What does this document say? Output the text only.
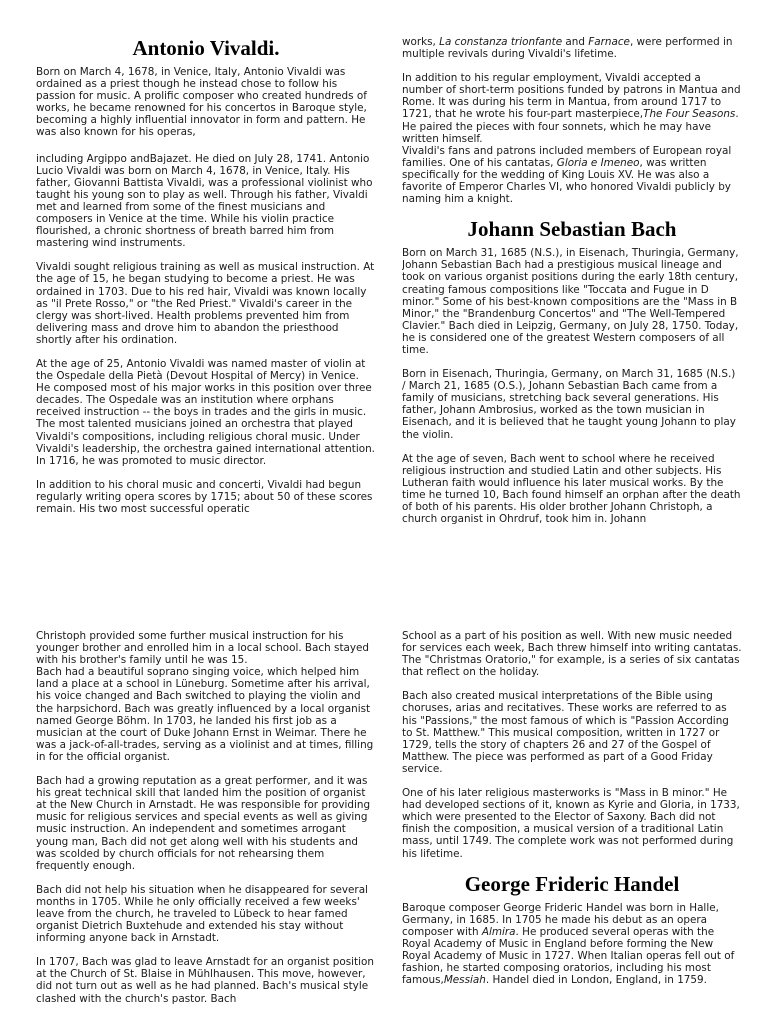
Antonio Vivaldi.

Born on March 4, 1678, in Venice, Italy, Antonio Vivaldi was ordained as a priest though he instead chose to follow his passion for music. A prolific composer who created hundreds of works, he became renowned for his concertos in Baroque style, becoming a highly influential innovator in form and pattern. He was also known for his operas,

including Argippo andBajazet. He died on July 28, 1741. Antonio Lucio Vivaldi was born on March 4, 1678, in Venice, Italy. His father, Giovanni Battista Vivaldi, was a professional violinist who taught his young son to play as well. Through his father, Vivaldi met and learned from some of the finest musicians and composers in Venice at the time. While his violin practice flourished, a chronic shortness of breath barred him from mastering wind instruments.

Vivaldi sought religious training as well as musical instruction. At the age of 15, he began studying to become a priest. He was ordained in 1703. Due to his red hair, Vivaldi was known locally as "il Prete Rosso," or "the Red Priest." Vivaldi's career in the clergy was short-lived. Health problems prevented him from delivering mass and drove him to abandon the priesthood shortly after his ordination.

At the age of 25, Antonio Vivaldi was named master of violin at the Ospedale della Pietà (Devout Hospital of Mercy) in Venice. He composed most of his major works in this position over three decades. The Ospedale was an institution where orphans received instruction -- the boys in trades and the girls in music. The most talented musicians joined an orchestra that played Vivaldi's compositions, including religious choral music. Under Vivaldi's leadership, the orchestra gained international attention. In 1716, he was promoted to music director.

In addition to his choral music and concerti, Vivaldi had begun regularly writing opera scores by 1715; about 50 of these scores remain. His two most successful operatic

works, La constanza trionfante and Farnace, were performed in multiple revivals during Vivaldi's lifetime.

In addition to his regular employment, Vivaldi accepted a number of short-term positions funded by patrons in Mantua and Rome. It was during his term in Mantua, from around 1717 to 1721, that he wrote his four-part masterpiece,The Four Seasons. He paired the pieces with four sonnets, which he may have written himself.

Vivaldi's fans and patrons included members of European royal families. One of his cantatas, Gloria e Imeneo, was written specifically for the wedding of King Louis XV. He was also a favorite of Emperor Charles VI, who honored Vivaldi publicly by naming him a knight.

Johann Sebastian Bach

Born on March 31, 1685 (N.S.), in Eisenach, Thuringia, Germany, Johann Sebastian Bach had a prestigious musical lineage and took on various organist positions during the early 18th century, creating famous compositions like "Toccata and Fugue in D minor." Some of his best-known compositions are the "Mass in B Minor," the "Brandenburg Concertos" and "The Well-Tempered Clavier." Bach died in Leipzig, Germany, on July 28, 1750. Today, he is considered one of the greatest Western composers of all time.

Born in Eisenach, Thuringia, Germany, on March 31, 1685 (N.S.) / March 21, 1685 (O.S.), Johann Sebastian Bach came from a family of musicians, stretching back several generations. His father, Johann Ambrosius, worked as the town musician in Eisenach, and it is believed that he taught young Johann to play the violin.

At the age of seven, Bach went to school where he received religious instruction and studied Latin and other subjects. His Lutheran faith would influence his later musical works. By the time he turned 10, Bach found himself an orphan after the death of both of his parents. His older brother Johann Christoph, a church organist in Ohrdruf, took him in. Johann

Christoph provided some further musical instruction for his younger brother and enrolled him in a local school. Bach stayed with his brother's family until he was 15.

Bach had a beautiful soprano singing voice, which helped him land a place at a school in Lüneburg. Sometime after his arrival, his voice changed and Bach switched to playing the violin and the harpsichord. Bach was greatly influenced by a local organist named George Böhm. In 1703, he landed his first job as a musician at the court of Duke Johann Ernst in Weimar. There he was a jack-of-all-trades, serving as a violinist and at times, filling in for the official organist.

Bach had a growing reputation as a great performer, and it was his great technical skill that landed him the position of organist at the New Church in Arnstadt. He was responsible for providing music for religious services and special events as well as giving music instruction. An independent and sometimes arrogant young man, Bach did not get along well with his students and was scolded by church officials for not rehearsing them frequently enough.

Bach did not help his situation when he disappeared for several months in 1705. While he only officially received a few weeks' leave from the church, he traveled to Lübeck to hear famed organist Dietrich Buxtehude and extended his stay without informing anyone back in Arnstadt.

In 1707, Bach was glad to leave Arnstadt for an organist position at the Church of St. Blaise in Mühlhausen. This move, however, did not turn out as well as he had planned. Bach's musical style clashed with the church's pastor. Bach

School as a part of his position as well. With new music needed for services each week, Bach threw himself into writing cantatas. The "Christmas Oratorio," for example, is a series of six cantatas that reflect on the holiday.

Bach also created musical interpretations of the Bible using choruses, arias and recitatives. These works are referred to as his "Passions," the most famous of which is "Passion According to St. Matthew." This musical composition, written in 1727 or 1729, tells the story of chapters 26 and 27 of the Gospel of Matthew. The piece was performed as part of a Good Friday service.

One of his later religious masterworks is "Mass in B minor." He had developed sections of it, known as Kyrie and Gloria, in 1733, which were presented to the Elector of Saxony. Bach did not finish the composition, a musical version of a traditional Latin mass, until 1749. The complete work was not performed during his lifetime.

George Frideric Handel

Baroque composer George Frideric Handel was born in Halle, Germany, in 1685. In 1705 he made his debut as an opera composer with Almira. He produced several operas with the Royal Academy of Music in England before forming the New Royal Academy of Music in 1727. When Italian operas fell out of fashion, he started composing oratorios, including his most famous,Messiah. Handel died in London, England, in 1759.
